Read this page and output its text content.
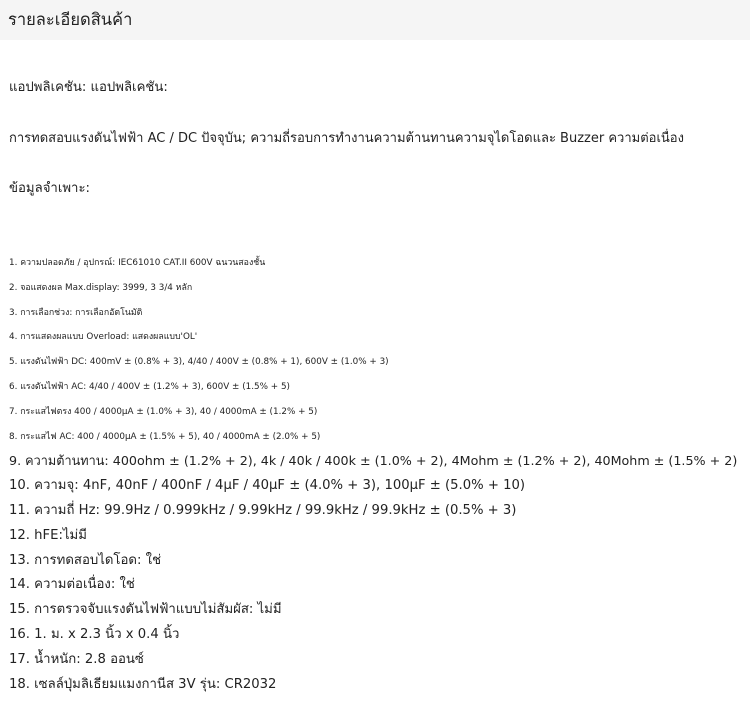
รายละเอียดสินค้า
แอปพลิเคชัน: แอปพลิเคชัน:
การทดสอบแรงดันไฟฟ้า AC / DC ปัจจุบัน; ความถี่รอบการทำงานความต้านทานความจุไดโอดและ Buzzer ความต่อเนื่อง
ข้อมูลจำเพาะ:
1. ความปลอดภัย / อุปกรณ์: IEC61010 CAT.II 600V ฉนวนสองชั้น
2. จอแสดงผล Max.display: 3999, 3 3/4 หลัก
3. การเลือกช่วง: การเลือกอัตโนมัติ
4. การแสดงผลแบบ Overload: แสดงผลแบบ'OL'
5. แรงดันไฟฟ้า DC: 400mV ± (0.8% + 3), 4/40 / 400V ± (0.8% + 1), 600V ± (1.0% + 3)
6. แรงดันไฟฟ้า AC: 4/40 / 400V ± (1.2% + 3), 600V ± (1.5% + 5)
7. กระแสไฟตรง 400 / 4000μA ± (1.0% + 3), 40 / 4000mA ± (1.2% + 5)
8. กระแสไฟ AC: 400 / 4000μA ± (1.5% + 5), 40 / 4000mA ± (2.0% + 5)
9. ความต้านทาน: 400ohm ± (1.2% + 2), 4k / 40k / 400k ± (1.0% + 2), 4Mohm ± (1.2% + 2), 40Mohm ± (1.5% + 2)
10. ความจุ: 4nF, 40nF / 400nF / 4μF / 40μF ± (4.0% + 3), 100μF ± (5.0% + 10)
11. ความถี่ Hz: 99.9Hz / 0.999kHz / 9.99kHz / 99.9kHz / 99.9kHz ± (0.5% + 3)
12. hFE:ไม่มี
13. การทดสอบไดโอด: ใช่
14. ความต่อเนื่อง: ใช่
15. การตรวจจับแรงดันไฟฟ้าแบบไม่สัมผัส: ไม่มี
16. 1. ม. x 2.3 นิ้ว x 0.4 นิ้ว
17. น้ำหนัก: 2.8 ออนซ์
18. เซลล์ปุ่มลิเธียมแมงกานีส 3V รุ่น: CR2032
